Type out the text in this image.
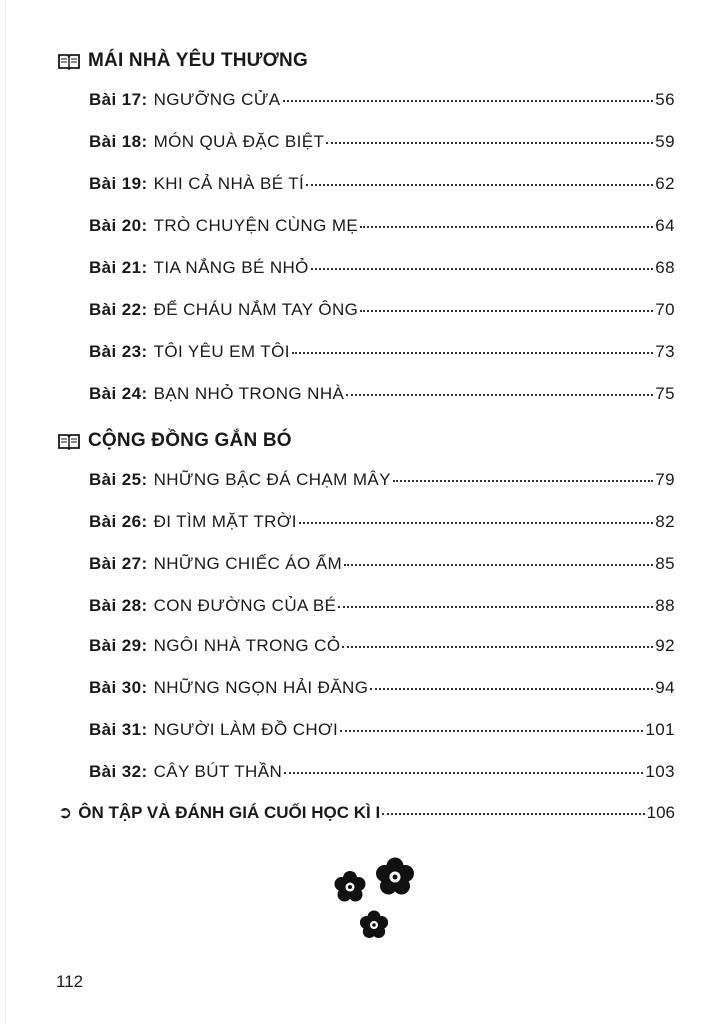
MÁI NHÀ YÊU THƯƠNG
Bài 17: NGƯỠNG CỬA	56
Bài 18: MÓN QUÀ ĐẶC BIỆT	59
Bài 19: KHI CẢ NHÀ BÉ TÍ	62
Bài 20: TRÒ CHUYỆN CÙNG MẸ	64
Bài 21: TIA NẮNG BÉ NHỎ	68
Bài 22: ĐỂ CHÁU NẮM TAY ÔNG	70
Bài 23: TÔI YÊU EM TÔI	73
Bài 24: BẠN NHỎ TRONG NHÀ	75
CỘNG ĐỒNG GẮN BÓ
Bài 25: NHỮNG BẬC ĐÁ CHẠM MÂY	79
Bài 26: ĐI TÌM MẶT TRỜI	82
Bài 27: NHỮNG CHIẾC ÁO ẤM	85
Bài 28: CON ĐƯỜNG CỦA BÉ	88
Bài 29: NGÔI NHÀ TRONG CỎ	92
Bài 30: NHỮNG NGỌN HẢI ĐĂNG	94
Bài 31: NGƯỜI LÀM ĐỒ CHƠI	101
Bài 32: CÂY BÚT THẦN	103
➲ ÔN TẬP VÀ ĐÁNH GIÁ CUỐI HỌC KÌ I	106
112
